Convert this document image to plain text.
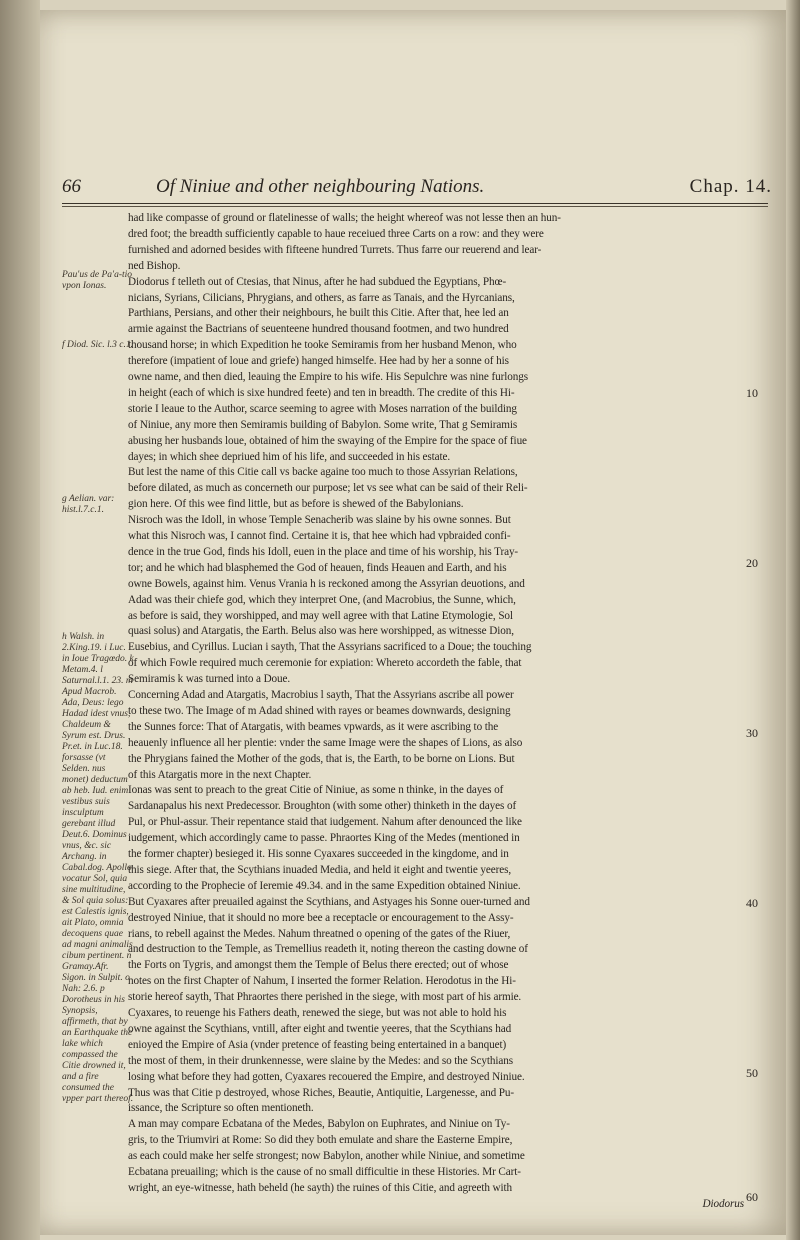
66	Of Niniue and other neighbouring Nations.	Chap. 14.
Pau'us de Pa'a-tio vpon Ionas.
f Diod. Sic. l.3 c.1.
g Aelian. var: hist.l.7.c.1.
h Walsh. in 2.King.19. i Luc. in Ioue Tragœdo. k Metam.4. l Saturnal.l.1. 23. m Apud Macrob. Ada, Deus: lego Hadad idest vnus, Chaldeum & Syrum est. Drus. Pr.et. in Luc.18. forsasse (vt Selden. nus monet) deductum ab heb. Iud. enim vestibus suis insculptum gerebant illud Deut.6. Dominus vnus, &c. sic Archang. in Cabal.dog. Apollo vocatur Sol, quia sine multitudine, & Sol quia solus: est Calestis ignis, ait Plato, omnia decoquens quae ad magni animalis cibum pertinent. n Gramay.Afr. Sigon. in Sulpit. o Nah: 2.6. p Dorotheus in his Synopsis, affirmeth, that by an Earthquake the lake which compassed the Citie drowned it, and a fire consumed the vpper part thereof.
had like compasse of ground or flatelinesse of walls; the height whereof was not lesse then an hun-
dred foot; the breadth sufficiently capable to haue receiued three Carts on a row: and they were
furnished and adorned besides with fifteene hundred Turrets. Thus farre our reuerend and lear-
ned Bishop.
Diodorus f telleth out of Ctesias, that Ninus, after he had subdued the Egyptians, Phœ-
nicians, Syrians, Cilicians, Phrygians, and others, as farre as Tanais, and the Hyrcanians,
Parthians, Persians, and other their neighbours, he built this Citie. After that, hee led an
armie against the Bactrians of seuenteene hundred thousand footmen, and two hundred
thousand horse; in which Expedition he tooke Semiramis from her husband Menon, who
therefore (impatient of loue and griefe) hanged himselfe. Hee had by her a sonne of his
owne name, and then died, leauing the Empire to his wife. His Sepulchre was nine furlongs
in height (each of which is sixe hundred feete) and ten in breadth. The credite of this Hi-
storie I leaue to the Author, scarce seeming to agree with Moses narration of the building
of Niniue, any more then Semiramis building of Babylon. Some write, That g Semiramis
abusing her husbands loue, obtained of him the swaying of the Empire for the space of fiue
dayes; in which shee depriued him of his life, and succeeded in his estate.
But lest the name of this Citie call vs backe againe too much to those Assyrian Relations,
before dilated, as much as concerneth our purpose; let vs see what can be said of their Reli-
gion here. Of this wee find little, but as before is shewed of the Babylonians.
Nisroch was the Idoll, in whose Temple Senacherib was slaine by his owne sonnes. But
what this Nisroch was, I cannot find. Certaine it is, that hee which had vpbraided confi-
dence in the true God, finds his Idoll, euen in the place and time of his worship, his Tray-
tor; and he which had blasphemed the God of heauen, finds Heauen and Earth, and his
owne Bowels, against him. Venus Vrania h is reckoned among the Assyrian deuotions, and
Adad was their chiefe god, which they interpret One, (and Macrobius, the Sunne, which,
as before is said, they worshipped, and may well agree with that Latine Etymologie, Sol
quasi solus) and Atargatis, the Earth. Belus also was here worshipped, as witnesse Dion,
Eusebius, and Cyrillus. Lucian i sayth, That the Assyrians sacrificed to a Doue; the touching
of which Fowle required much ceremonie for expiation: Whereto accordeth the fable, that
Semiramis k was turned into a Doue.
Concerning Adad and Atargatis, Macrobius l sayth, That the Assyrians ascribe all power
to these two. The Image of m Adad shined with rayes or beames downwards, designing
the Sunnes force: That of Atargatis, with beames vpwards, as it were ascribing to the
heauenly influence all her plentie: vnder the same Image were the shapes of Lions, as also
the Phrygians fained the Mother of the gods, that is, the Earth, to be borne on Lions. But
of this Atargatis more in the next Chapter.
Ionas was sent to preach to the great Citie of Niniue, as some n thinke, in the dayes of
Sardanapalus his next Predecessor. Broughton (with some other) thinketh in the dayes of
Pul, or Phul-assur. Their repentance staid that iudgement. Nahum after denounced the like
iudgement, which accordingly came to passe. Phraortes King of the Medes (mentioned in
the former chapter) besieged it. His sonne Cyaxares succeeded in the kingdome, and in
this siege. After that, the Scythians inuaded Media, and held it eight and twentie yeeres,
according to the Prophecie of Ieremie 49.34. and in the same Expedition obtained Niniue.
But Cyaxares after preuailed against the Scythians, and Astyages his Sonne ouer-turned and
destroyed Niniue, that it should no more bee a receptacle or encouragement to the Assy-
rians, to rebell against the Medes. Nahum threatned o opening of the gates of the Riuer,
and destruction to the Temple, as Tremellius readeth it, noting thereon the casting downe of
the Forts on Tygris, and amongst them the Temple of Belus there erected; out of whose
notes on the first Chapter of Nahum, I inserted the former Relation. Herodotus in the Hi-
storie hereof sayth, That Phraortes there perished in the siege, with most part of his armie.
Cyaxares, to reuenge his Fathers death, renewed the siege, but was not able to hold his
owne against the Scythians, vntill, after eight and twentie yeeres, that the Scythians had
enioyed the Empire of Asia (vnder pretence of feasting being entertained in a banquet)
the most of them, in their drunkennesse, were slaine by the Medes: and so the Scythians
losing what before they had gotten, Cyaxares recouered the Empire, and destroyed Niniue.
Thus was that Citie p destroyed, whose Riches, Beautie, Antiquitie, Largenesse, and Pu-
issance, the Scripture so often mentioneth.
A man may compare Ecbatana of the Medes, Babylon on Euphrates, and Niniue on Ty-
gris, to the Triumviri at Rome: So did they both emulate and share the Easterne Empire,
as each could make her selfe strongest; now Babylon, another while Niniue, and sometime
Ecbatana preuailing; which is the cause of no small difficultie in these Histories. Mr Cart-
wright, an eye-witnesse, hath beheld (he sayth) the ruines of this Citie, and agreeth with
Diodorus
10
20
30
40
50
60
